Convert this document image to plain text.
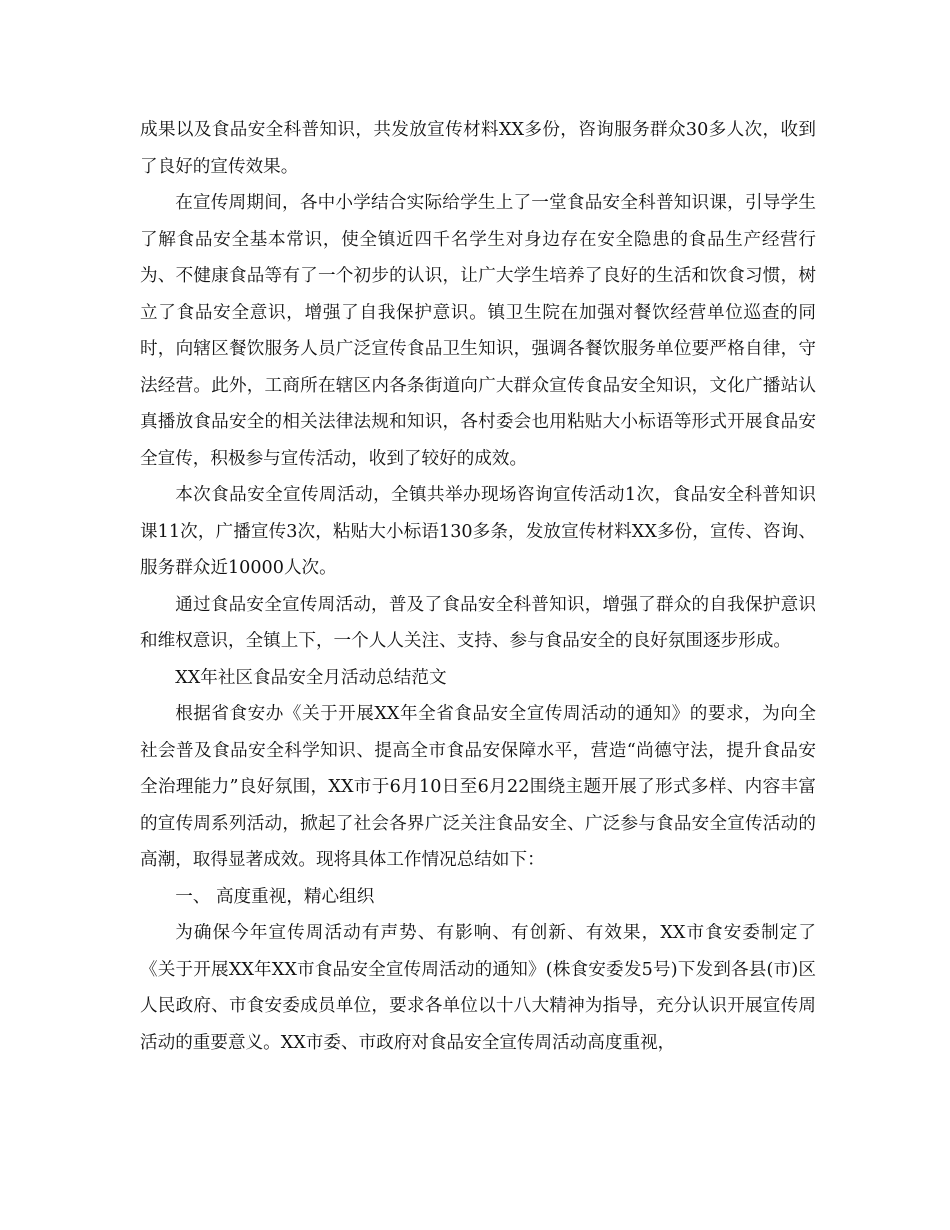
成果以及食品安全科普知识，共发放宣传材料XX多份，咨询服务群众30多人次，收到了良好的宣传效果。

在宣传周期间，各中小学结合实际给学生上了一堂食品安全科普知识课，引导学生了解食品安全基本常识，使全镇近四千名学生对身边存在安全隐患的食品生产经营行为、不健康食品等有了一个初步的认识，让广大学生培养了良好的生活和饮食习惯，树立了食品安全意识，增强了自我保护意识。镇卫生院在加强对餐饮经营单位巡查的同时，向辖区餐饮服务人员广泛宣传食品卫生知识，强调各餐饮服务单位要严格自律，守法经营。此外，工商所在辖区内各条街道向广大群众宣传食品安全知识，文化广播站认真播放食品安全的相关法律法规和知识，各村委会也用粘贴大小标语等形式开展食品安全宣传，积极参与宣传活动，收到了较好的成效。

本次食品安全宣传周活动，全镇共举办现场咨询宣传活动1次，食品安全科普知识课11次，广播宣传3次，粘贴大小标语130多条，发放宣传材料XX多份，宣传、咨询、服务群众近10000人次。

通过食品安全宣传周活动，普及了食品安全科普知识，增强了群众的自我保护意识和维权意识，全镇上下，一个人人关注、支持、参与食品安全的良好氛围逐步形成。

XX年社区食品安全月活动总结范文

根据省食安办《关于开展XX年全省食品安全宣传周活动的通知》的要求，为向全社会普及食品安全科学知识、提高全市食品安保障水平，营造“尚德守法，提升食品安全治理能力”良好氛围，XX市于6月10日至6月22围绕主题开展了形式多样、内容丰富的宣传周系列活动，掀起了社会各界广泛关注食品安全、广泛参与食品安全宣传活动的高潮，取得显著成效。现将具体工作情况总结如下：

一、 高度重视，精心组织

为确保今年宣传周活动有声势、有影响、有创新、有效果，XX市食安委制定了《关于开展XX年XX市食品安全宣传周活动的通知》(株食安委发5号)下发到各县(市)区人民政府、市食安委成员单位，要求各单位以十八大精神为指导，充分认识开展宣传周活动的重要意义。XX市委、市政府对食品安全宣传周活动高度重视，
